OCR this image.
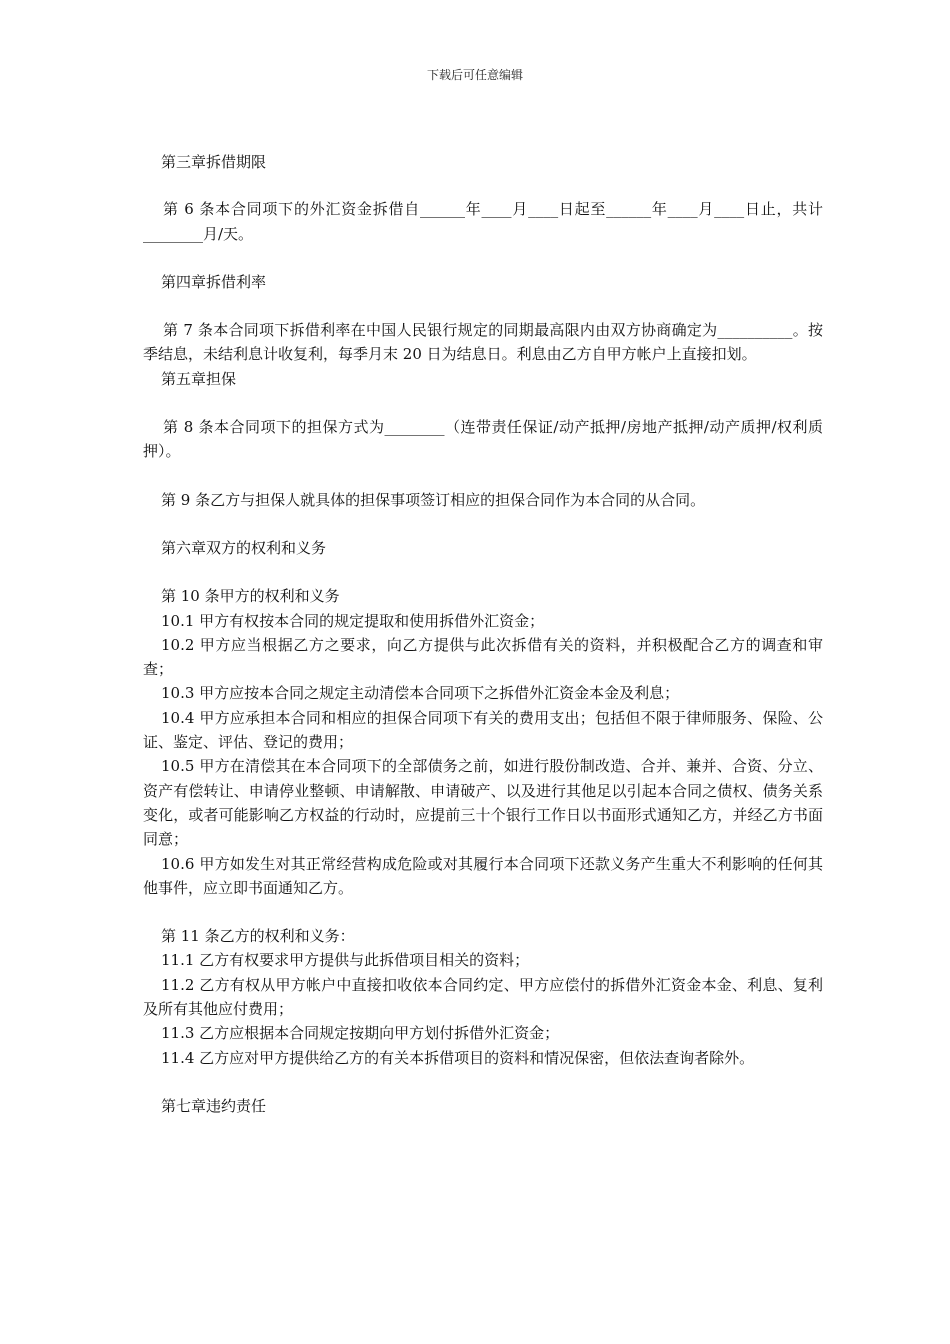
下载后可任意编辑

第三章拆借期限

第 6 条本合同项下的外汇资金拆借自______年____月____日起至______年____月____日止，共计________月/天。

第四章拆借利率

第 7 条本合同项下拆借利率在中国人民银行规定的同期最高限内由双方协商确定为__________。按季结息，未结利息计收复利，每季月末 20 日为结息日。利息由乙方自甲方帐户上直接扣划。

第五章担保

第 8 条本合同项下的担保方式为________（连带责任保证/动产抵押/房地产抵押/动产质押/权利质押）。

第 9 条乙方与担保人就具体的担保事项签订相应的担保合同作为本合同的从合同。

第六章双方的权利和义务

第 10 条甲方的权利和义务

10.1 甲方有权按本合同的规定提取和使用拆借外汇资金；

10.2 甲方应当根据乙方之要求，向乙方提供与此次拆借有关的资料，并积极配合乙方的调查和审查；

10.3 甲方应按本合同之规定主动清偿本合同项下之拆借外汇资金本金及利息；

10.4 甲方应承担本合同和相应的担保合同项下有关的费用支出；包括但不限于律师服务、保险、公证、鉴定、评估、登记的费用；

10.5 甲方在清偿其在本合同项下的全部债务之前，如进行股份制改造、合并、兼并、合资、分立、资产有偿转让、申请停业整顿、申请解散、申请破产、以及进行其他足以引起本合同之债权、债务关系变化，或者可能影响乙方权益的行动时，应提前三十个银行工作日以书面形式通知乙方，并经乙方书面同意；

10.6 甲方如发生对其正常经营构成危险或对其履行本合同项下还款义务产生重大不利影响的任何其他事件，应立即书面通知乙方。

第 11 条乙方的权利和义务：

11.1 乙方有权要求甲方提供与此拆借项目相关的资料；

11.2 乙方有权从甲方帐户中直接扣收依本合同约定、甲方应偿付的拆借外汇资金本金、利息、复利及所有其他应付费用；

11.3 乙方应根据本合同规定按期向甲方划付拆借外汇资金；

11.4 乙方应对甲方提供给乙方的有关本拆借项目的资料和情况保密，但依法查询者除外。

第七章违约责任
